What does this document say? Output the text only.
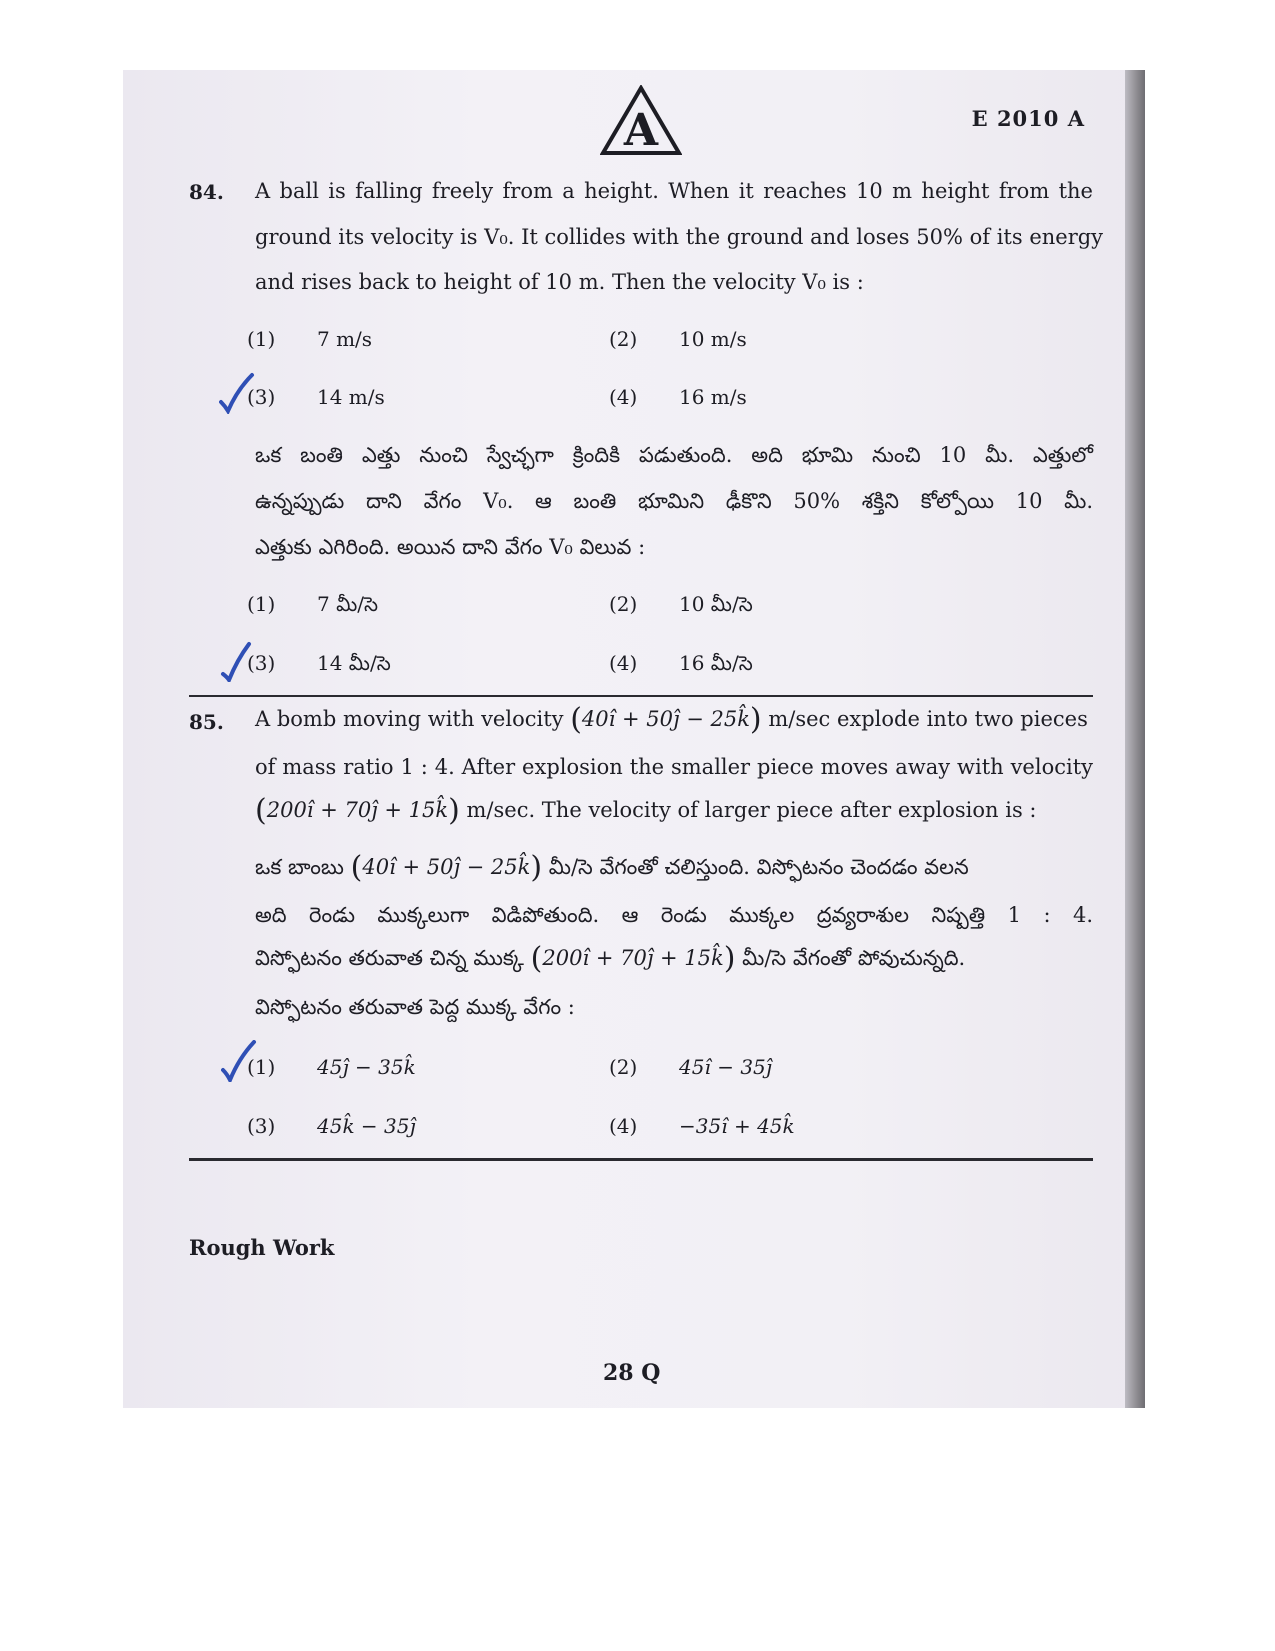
A	E 2010 A
84. A ball is falling freely from a height. When it reaches 10 m height from the
ground its velocity is V₀. It collides with the ground and loses 50% of its energy
and rises back to height of 10 m. Then the velocity V₀ is :
(1) 7 m/s	(2) 10 m/s
(3) 14 m/s	(4) 16 m/s
ఒక బంతి ఎత్తు నుంచి స్వేచ్ఛగా క్రిందికి పడుతుంది. అది భూమి నుంచి 10 మీ. ఎత్తులో
ఉన్నప్పుడు దాని వేగం V₀. ఆ బంతి భూమిని ఢీకొని 50% శక్తిని కోల్పోయి 10 మీ.
ఎత్తుకు ఎగిరింది. అయిన దాని వేగం V₀ విలువ :
(1) 7 మీ/సె	(2) 10 మీ/సె
(3) 14 మీ/సె	(4) 16 మీ/సె
85. A bomb moving with velocity (40î + 50ĵ − 25k̂) m/sec explode into two pieces
of mass ratio 1 : 4. After explosion the smaller piece moves away with velocity
(200î + 70ĵ + 15k̂) m/sec. The velocity of larger piece after explosion is :
ఒక బాంబు (40î + 50ĵ − 25k̂) మీ/సె వేగంతో చలిస్తుంది. విస్ఫోటనం చెందడం వలన
అది రెండు ముక్కలుగా విడిపోతుంది. ఆ రెండు ముక్కల ద్రవ్యరాశుల నిష్పత్తి 1 : 4.
విస్ఫోటనం తరువాత చిన్న ముక్క (200î + 70ĵ + 15k̂) మీ/సె వేగంతో పోవుచున్నది.
విస్ఫోటనం తరువాత పెద్ద ముక్క వేగం :
(1) 45ĵ − 35k̂	(2) 45î − 35ĵ
(3) 45k̂ − 35ĵ	(4) −35î + 45k̂
Rough Work
28 Q
